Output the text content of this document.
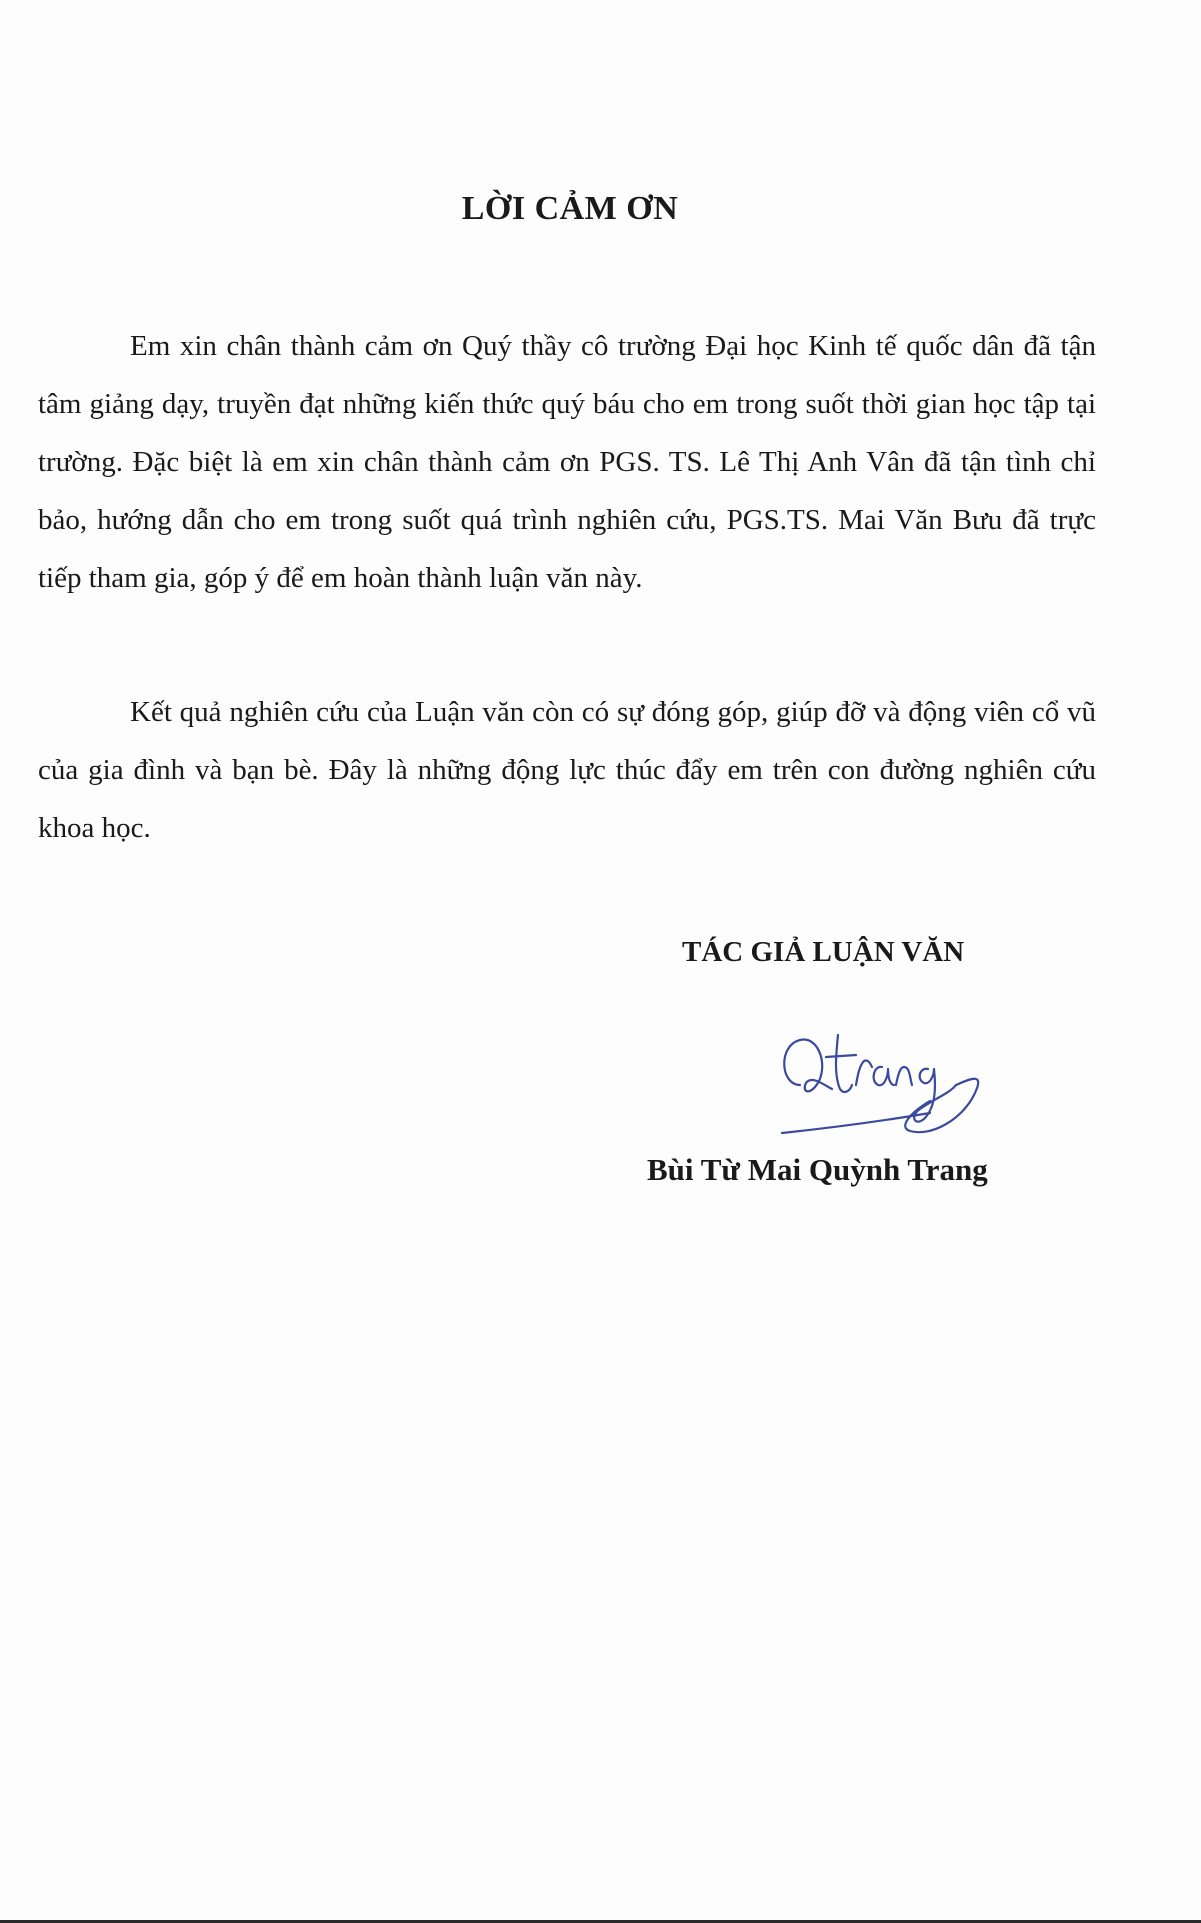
LỜI CẢM ƠN

Em xin chân thành cảm ơn Quý thầy cô trường Đại học Kinh tế quốc dân đã tận tâm giảng dạy, truyền đạt những kiến thức quý báu cho em trong suốt thời gian học tập tại trường. Đặc biệt là em xin chân thành cảm ơn PGS. TS. Lê Thị Anh Vân đã tận tình chỉ bảo, hướng dẫn cho em trong suốt quá trình nghiên cứu, PGS.TS. Mai Văn Bưu đã trực tiếp tham gia, góp ý để em hoàn thành luận văn này.

Kết quả nghiên cứu của Luận văn còn có sự đóng góp, giúp đỡ và động viên cổ vũ của gia đình và bạn bè. Đây là những động lực thúc đẩy em trên con đường nghiên cứu khoa học.

TÁC GIẢ LUẬN VĂN
Bùi Từ Mai Quỳnh Trang
